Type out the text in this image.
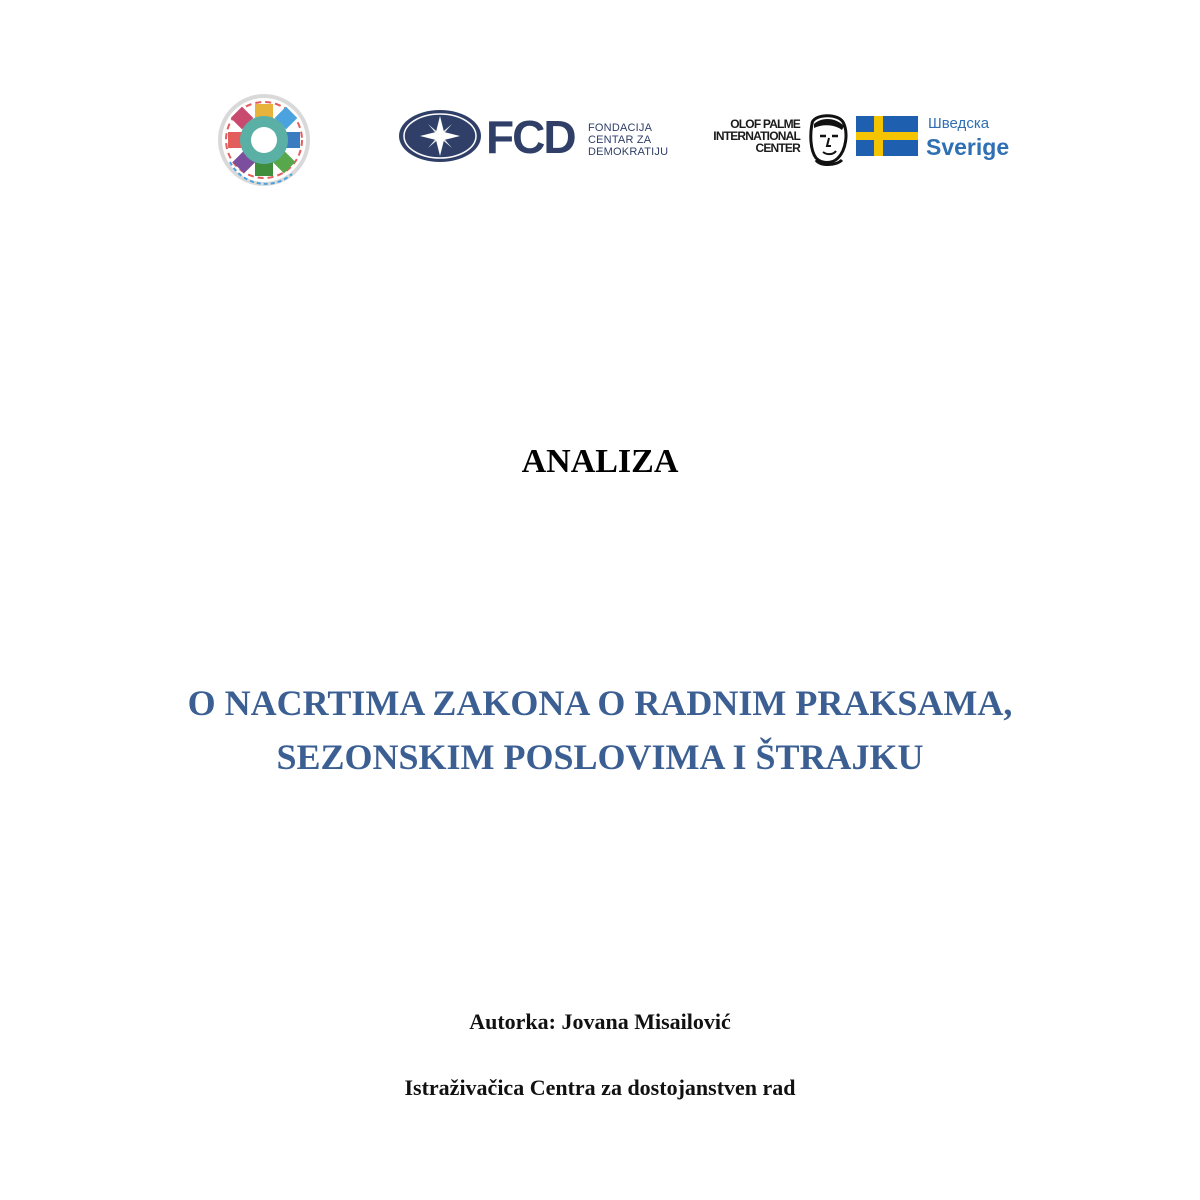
FCD FONDACIJA
CENTAR ZA
DEMOKRATIJU
OLOF PALME
INTERNATIONAL
CENTER
Шведска
Sverige
ANALIZA
O NACRTIMA ZAKONA O RADNIM PRAKSAMA,
SEZONSKIM POSLOVIMA I ŠTRAJKU
Autorka: Jovana Misailović
Istraživačica Centra za dostojanstven rad
